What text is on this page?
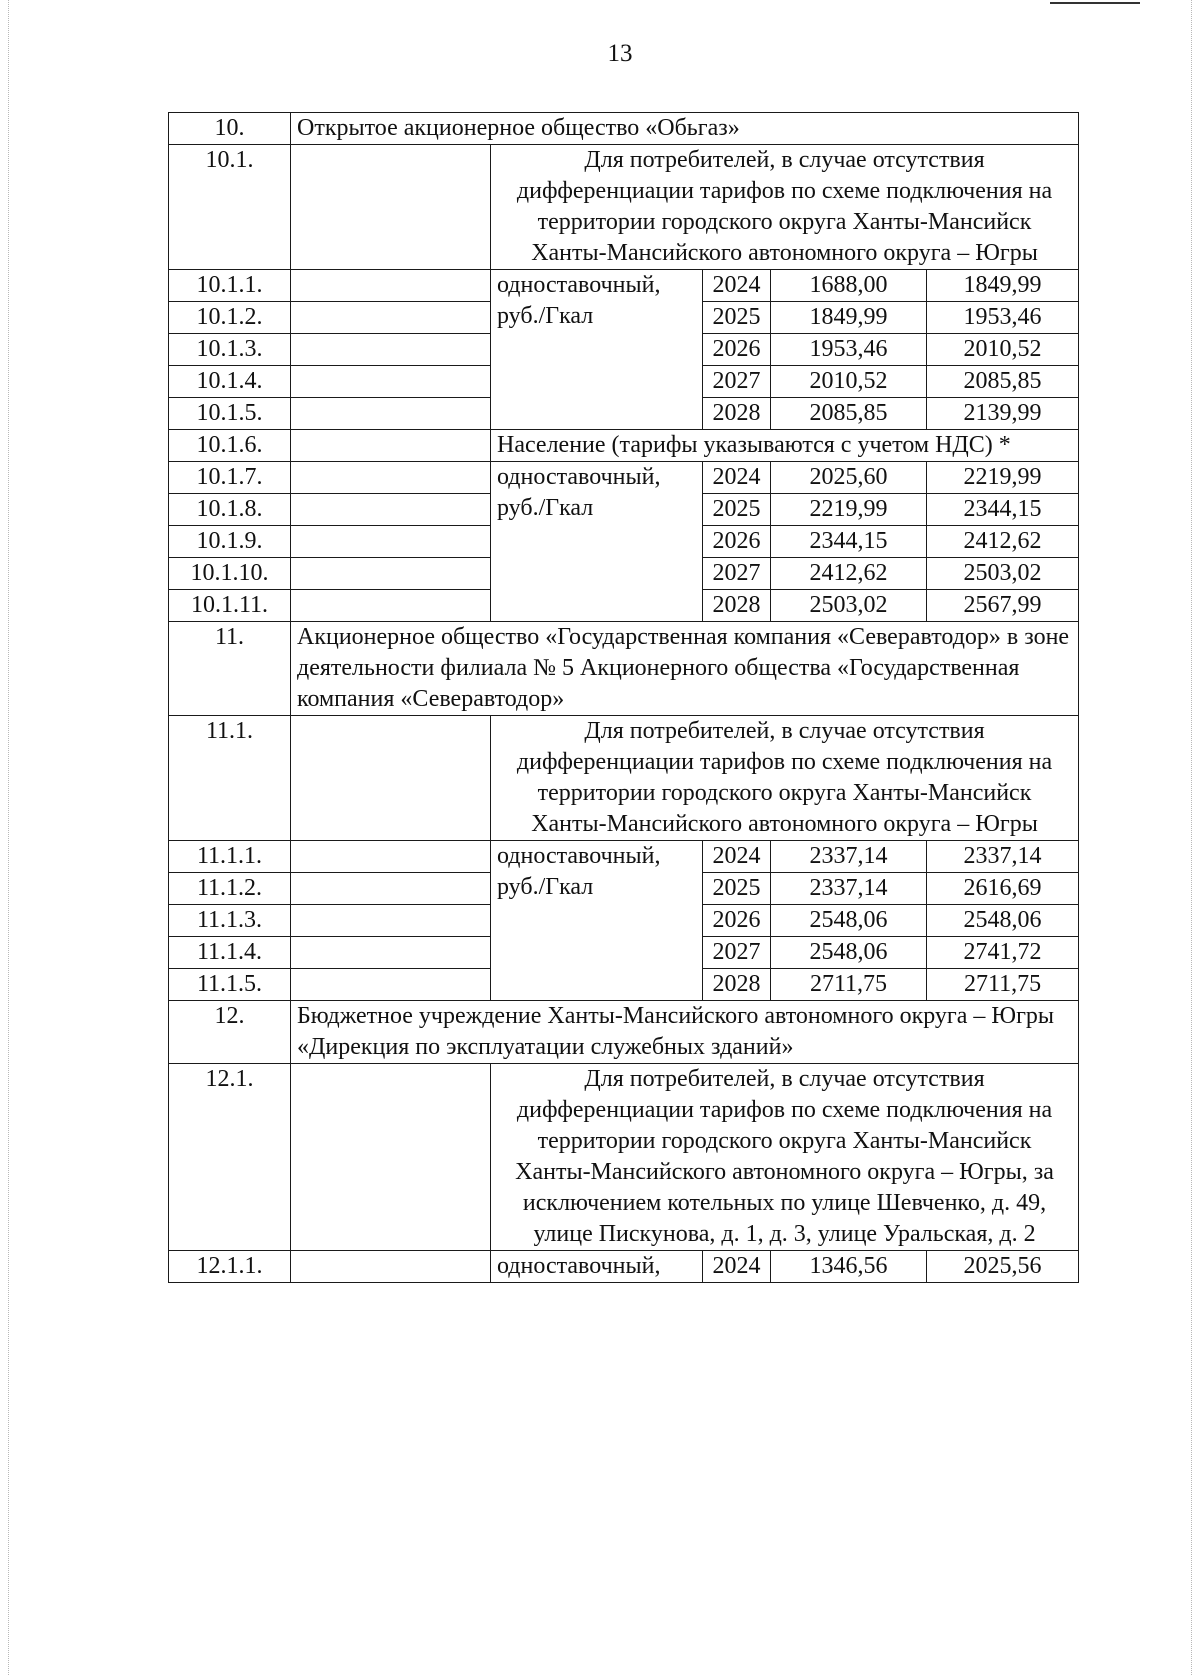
13
10.	Открытое акционерное общество «Обьгаз»				
10.1.		Для потребителей, в случае отсутствия дифференциации тарифов по схеме подключения на территории городского округа Ханты-Мансийск Ханты-Мансийского автономного округа – Югры			
10.1.1.		одноставочный, руб./Гкал	2024	1688,00	1849,99
10.1.2.			2025	1849,99	1953,46
10.1.3.			2026	1953,46	2010,52
10.1.4.			2027	2010,52	2085,85
10.1.5.			2028	2085,85	2139,99
10.1.6.		Население (тарифы указываются с учетом НДС) *			
10.1.7.		одноставочный, руб./Гкал	2024	2025,60	2219,99
10.1.8.			2025	2219,99	2344,15
10.1.9.			2026	2344,15	2412,62
10.1.10.			2027	2412,62	2503,02
10.1.11.			2028	2503,02	2567,99
11.	Акционерное общество «Государственная компания «Северавтодор» в зоне деятельности филиала № 5 Акционерного общества «Государственная компания «Северавтодор»				
11.1.		Для потребителей, в случае отсутствия дифференциации тарифов по схеме подключения на территории городского округа Ханты-Мансийск Ханты-Мансийского автономного округа – Югры			
11.1.1.		одноставочный, руб./Гкал	2024	2337,14	2337,14
11.1.2.			2025	2337,14	2616,69
11.1.3.			2026	2548,06	2548,06
11.1.4.			2027	2548,06	2741,72
11.1.5.			2028	2711,75	2711,75
12.	Бюджетное учреждение Ханты-Мансийского автономного округа – Югры «Дирекция по эксплуатации служебных зданий»				
12.1.		Для потребителей, в случае отсутствия дифференциации тарифов по схеме подключения на территории городского округа Ханты-Мансийск Ханты-Мансийского автономного округа – Югры, за исключением котельных по улице Шевченко, д. 49, улице Пискунова, д. 1, д. 3, улице Уральская, д. 2			
12.1.1.		одноставочный,	2024	1346,56	2025,56
